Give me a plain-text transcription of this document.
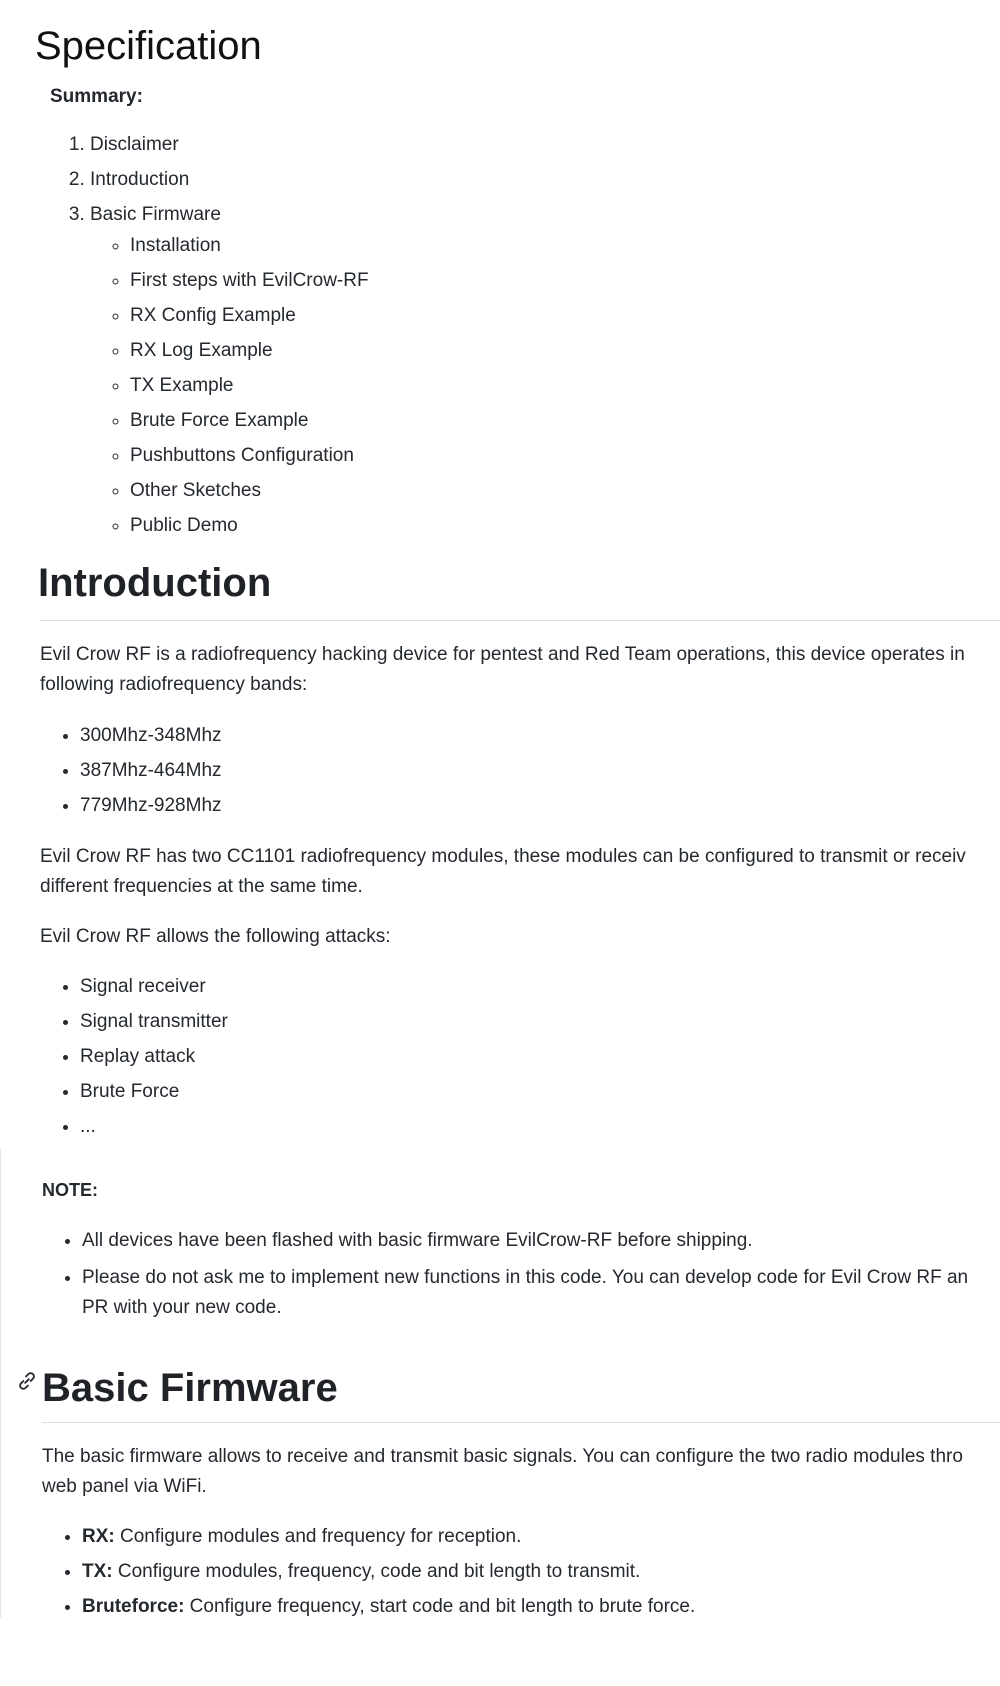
Specification
Summary:
1. Disclaimer
2. Introduction
3. Basic Firmware
◦ Installation
◦ First steps with EvilCrow-RF
◦ RX Config Example
◦ RX Log Example
◦ TX Example
◦ Brute Force Example
◦ Pushbuttons Configuration
◦ Other Sketches
◦ Public Demo
Introduction

Evil Crow RF is a radiofrequency hacking device for pentest and Red Team operations, this device operates in

following radiofrequency bands:

• 300Mhz-348Mhz
• 387Mhz-464Mhz
• 779Mhz-928Mhz

Evil Crow RF has two CC1101 radiofrequency modules, these modules can be configured to transmit or receiv

different frequencies at the same time.

Evil Crow RF allows the following attacks:

• Signal receiver
• Signal transmitter
• Replay attack
• Brute Force
• ...
NOTE:
• All devices have been flashed with basic firmware EvilCrow-RF before shipping.
• Please do not ask me to implement new functions in this code. You can develop code for Evil Crow RF an
PR with your new code.
Basic Firmware

The basic firmware allows to receive and transmit basic signals. You can configure the two radio modules thro

web panel via WiFi.

• RX: Configure modules and frequency for reception.
• TX: Configure modules, frequency, code and bit length to transmit.
• Bruteforce: Configure frequency, start code and bit length to brute force.
